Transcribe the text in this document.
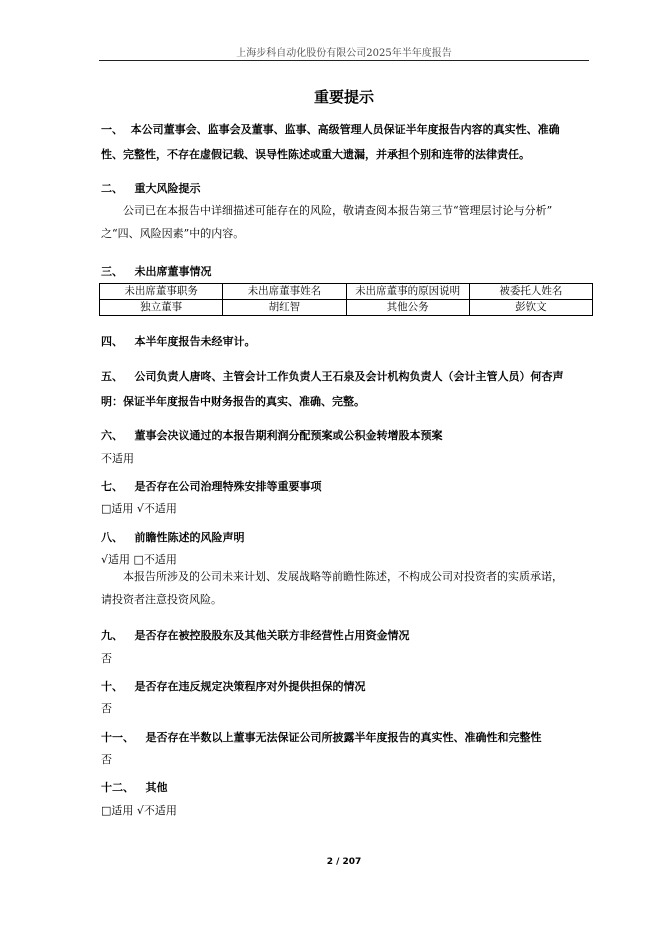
上海步科自动化股份有限公司2025年半年度报告
重要提示
一、 本公司董事会、监事会及董事、监事、高级管理人员保证半年度报告内容的真实性、准确
性、完整性，不存在虚假记载、误导性陈述或重大遗漏，并承担个别和连带的法律责任。
二、 重大风险提示
公司已在本报告中详细描述可能存在的风险，敬请查阅本报告第三节“管理层讨论与分析”
之“四、风险因素”中的内容。
三、 未出席董事情况
未出席董事职务	未出席董事姓名	未出席董事的原因说明	被委托人姓名
独立董事	胡红智	其他公务	彭钦文
四、 本半年度报告未经审计。
五、 公司负责人唐咚、主管会计工作负责人王石泉及会计机构负责人（会计主管人员）何杏声
明：保证半年度报告中财务报告的真实、准确、完整。
六、 董事会决议通过的本报告期利润分配预案或公积金转增股本预案
不适用
七、 是否存在公司治理特殊安排等重要事项
□适用 √不适用
八、 前瞻性陈述的风险声明
√适用 □不适用
本报告所涉及的公司未来计划、发展战略等前瞻性陈述，不构成公司对投资者的实质承诺，
请投资者注意投资风险。
九、 是否存在被控股股东及其他关联方非经营性占用资金情况
否
十、 是否存在违反规定决策程序对外提供担保的情况
否
十一、 是否存在半数以上董事无法保证公司所披露半年度报告的真实性、准确性和完整性
否
十二、 其他
□适用 √不适用
2 / 207
